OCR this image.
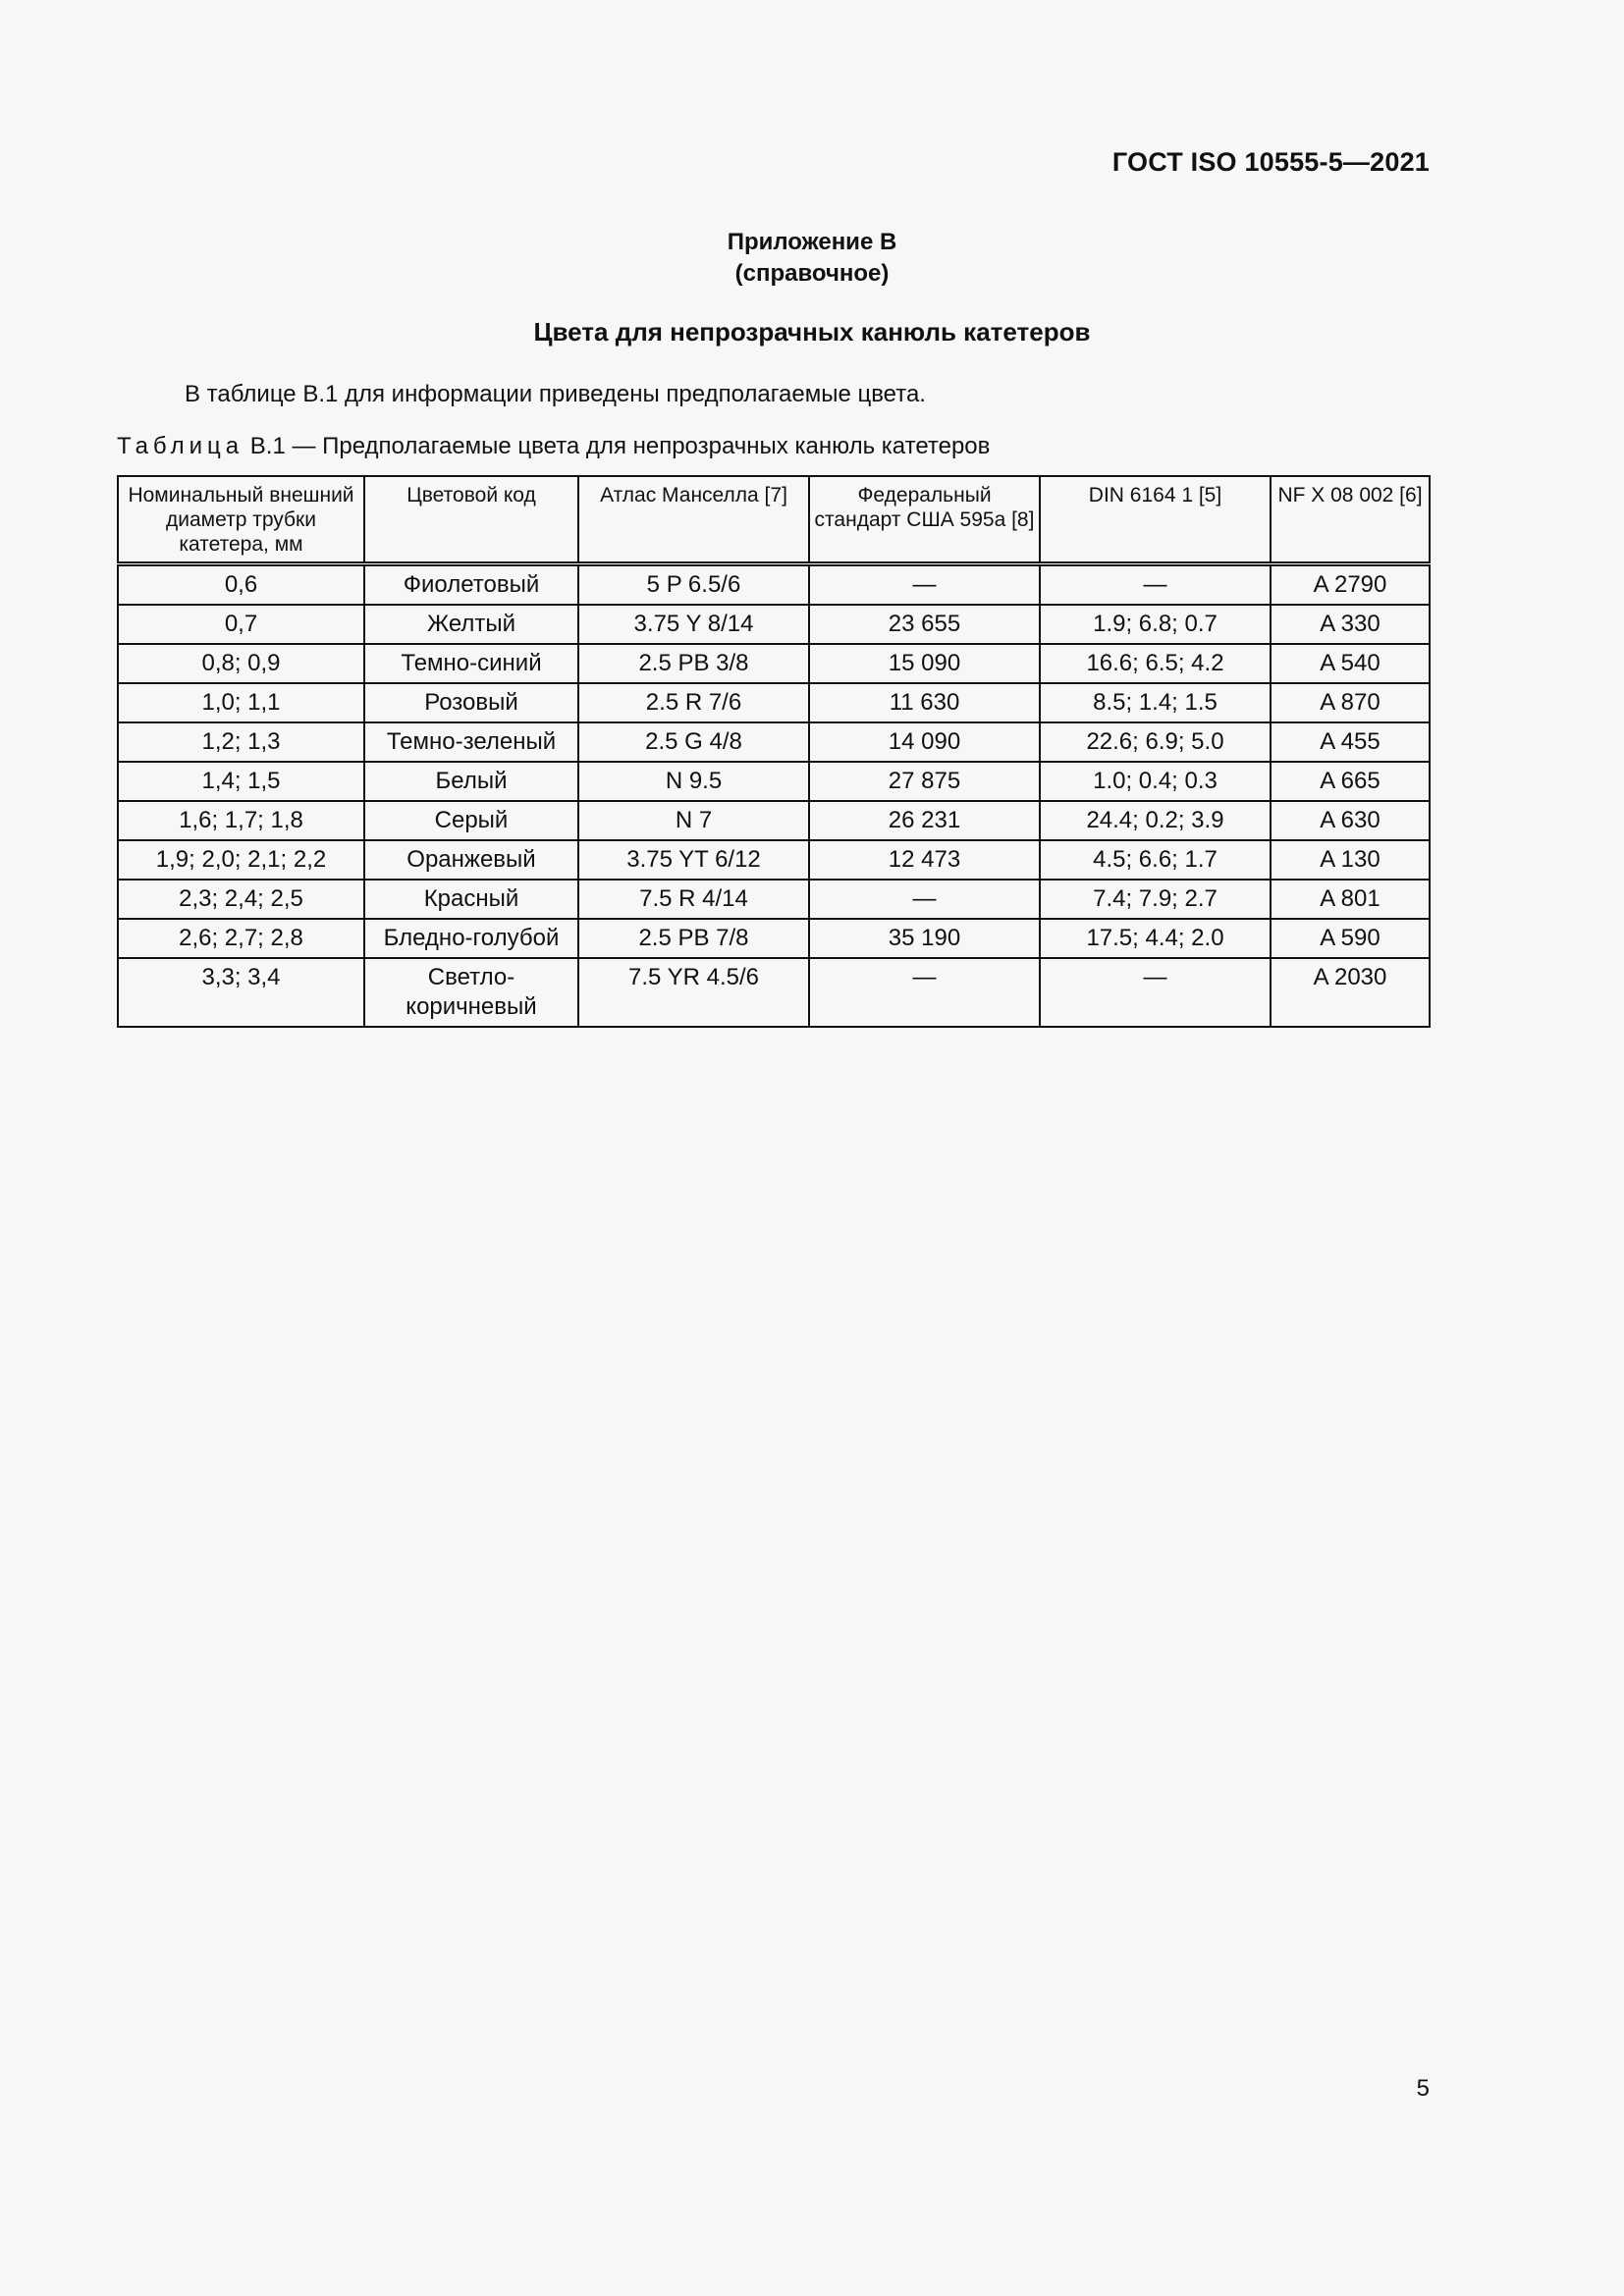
ГОСТ ISO 10555-5—2021
Приложение В
(справочное)
Цвета для непрозрачных канюль катетеров
В таблице В.1 для информации приведены предполагаемые цвета.
Таблица В.1 — Предполагаемые цвета для непрозрачных канюль катетеров
Номинальный внешний диаметр трубки катетера, мм	Цветовой код	Атлас Манселла [7]	Федеральный стандарт США 595a [8]	DIN 6164 1 [5]	NF X 08 002 [6]
0,6	Фиолетовый	5 P 6.5/6	—	—	A 2790
0,7	Желтый	3.75 Y 8/14	23 655	1.9; 6.8; 0.7	A 330
0,8; 0,9	Темно-синий	2.5 PB 3/8	15 090	16.6; 6.5; 4.2	A 540
1,0; 1,1	Розовый	2.5 R 7/6	11 630	8.5; 1.4; 1.5	A 870
1,2; 1,3	Темно-зеленый	2.5 G 4/8	14 090	22.6; 6.9; 5.0	A 455
1,4; 1,5	Белый	N 9.5	27 875	1.0; 0.4; 0.3	A 665
1,6; 1,7; 1,8	Серый	N 7	26 231	24.4; 0.2; 3.9	A 630
1,9; 2,0; 2,1; 2,2	Оранжевый	3.75 YT 6/12	12 473	4.5; 6.6; 1.7	A 130
2,3; 2,4; 2,5	Красный	7.5 R 4/14	—	7.4; 7.9; 2.7	A 801
2,6; 2,7; 2,8	Бледно-голубой	2.5 PB 7/8	35 190	17.5; 4.4; 2.0	A 590
3,3; 3,4	Светло-коричневый	7.5 YR 4.5/6	—	—	A 2030
5
